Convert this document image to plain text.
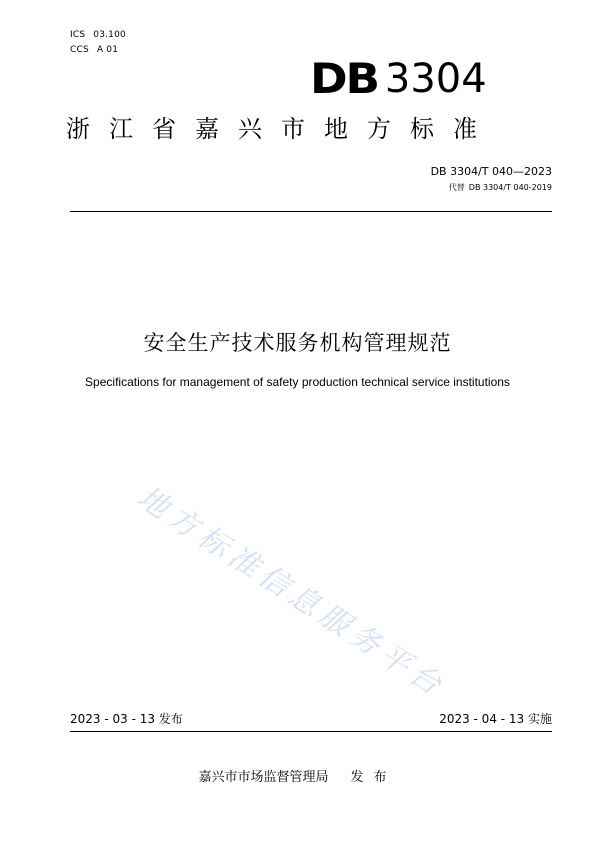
ICS 03.100
CCS A 01
DB 3304
浙江省嘉兴市地方标准
DB 3304/T 040—2023
代替 DB 3304/T 040-2019
安全生产技术服务机构管理规范
Specifications for management of safety production technical service institutions
地方标准信息服务平台
2023 - 03 - 13 发布	2023 - 04 - 13 实施
嘉兴市市场监督管理局 发布
